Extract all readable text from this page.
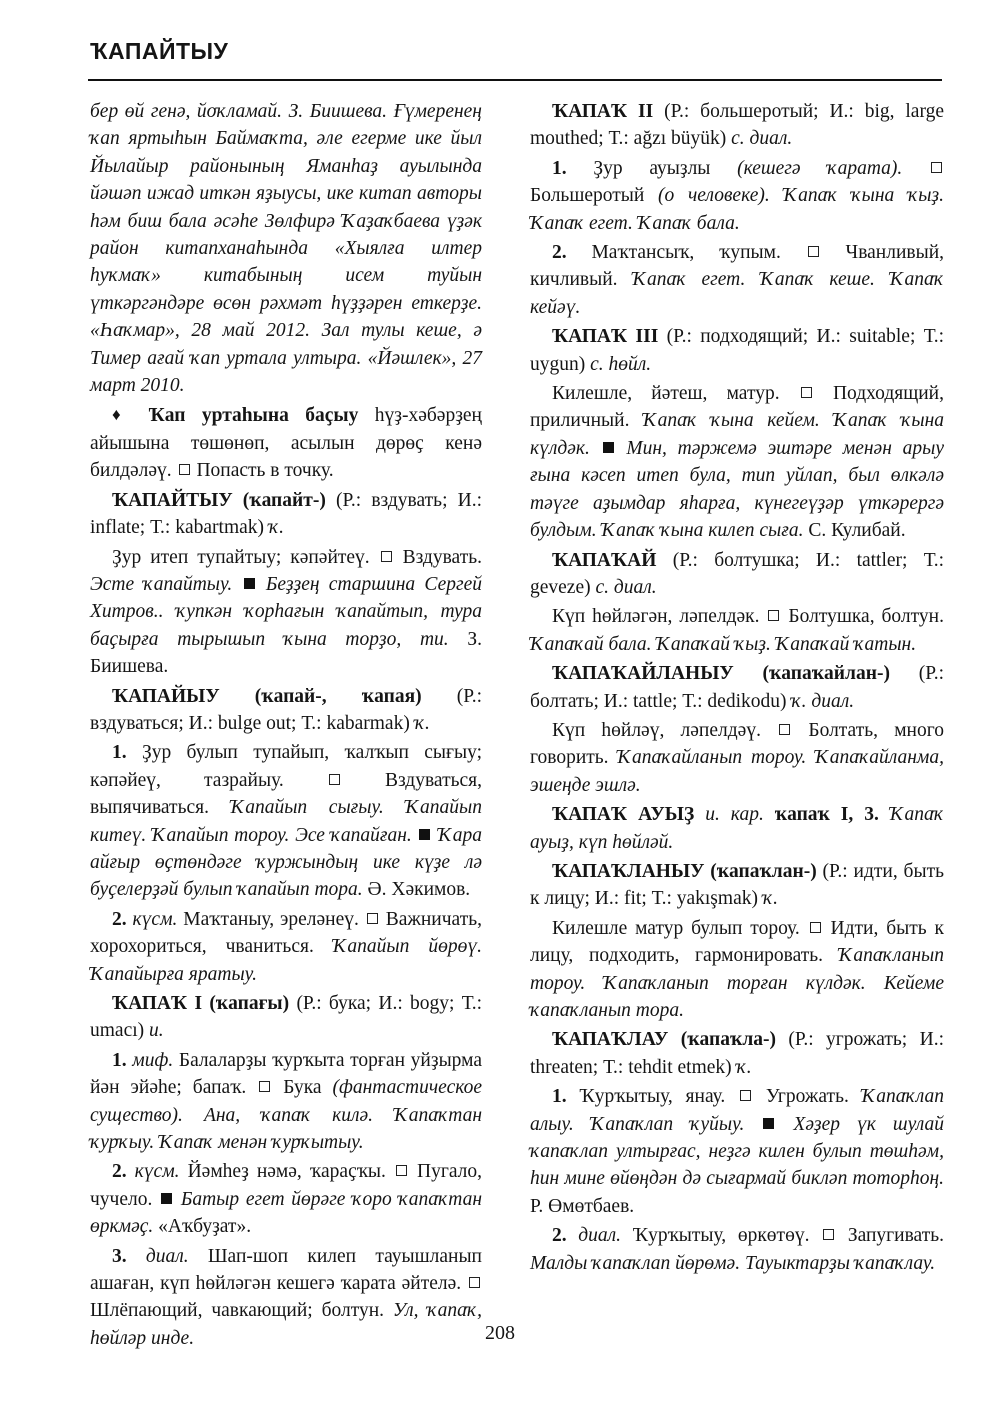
ҠАПАЙТЫУ

бер өй генә, йоҡламай. З. Биишева. Ғүмеренең ҡап яртыһын Баймаҡта, әле егерме ике йыл Йылайыр районының Яманһаҙ ауылында йәшәп ижад иткән яҙыусы, ике китап авторы һәм биш бала әсәһе Зөлфирә Ҡаҙаҡбаева үҙәк район китапханаһында «Хыялға илтер һуҡмаҡ» китабының исем туйын үткәргәндәре өсөн рәхмәт һүҙҙәрен еткерҙе. «Һаҡмар», 28 май 2012. Зал тулы кеше, ә Тимер ағай ҡап уртала ултыра. «Йәшлек», 27 март 2010.

♦ Ҡап уртаһына баҫыу һүҙ-хәбәрҙең айышына төшөнөп, асылын дөрөҫ кенә билдәләү.  Попасть в точку.

ҠАПАЙТЫУ (ҡапайт-) (Р.: вздувать; И.: inflate; Т.: kabartmak) ҡ.

Ҙур итеп тупайтыу; кәпәйтеү.  Вздувать. Эсте ҡапайтыу.  Беҙҙең старшина Сергей Хитров.. ҡупкән ҡорһағын ҡапайтып, тура баҫырға тырышып ҡына торҙо, ти. З. Биишева.

ҠАПАЙЫУ (ҡапай-, ҡапая) (Р.: вздуваться; И.: bulge out; Т.: kabarmak) ҡ.

1. Ҙур булып тупайып, ҡалҡып сығыу; кәпәйеү, тазрайыу.	Вздуваться, выпячиваться. Ҡапайып сығыу. Ҡапайып китеү. Ҡапайып тороу. Эсе ҡапайған.  Ҡара айғыр өҫтөндәге ҡуржындың ике күҙе лә буҫелерҙәй булып ҡапайып тора. Ә. Хәкимов.

2. күсм. Маҡтаныу, эреләнеү.  Важничать, хорохориться, чваниться. Ҡапайып йөрөү. Ҡапайырға яратыу.

ҠАПАҠ I (ҡапағы) (Р.: бука; И.: bogy; Т.: umacı) и.

1. миф. Балаларҙы ҡурҡыта торған уйҙырма йән эйәһе; бапаҡ.  Бука (фантастическое существо). Ана, ҡапаҡ килә. Ҡапаҡтан ҡурҡыу. Ҡапаҡ менән ҡурҡытыу.

2. күсм. Йәмһеҙ нәмә, ҡараҫҡы.  Пугало, чучело.  Батыр егет йөрәге ҡоро ҡапаҡтан өркмәҫ. «Аҡбуҙат».

3. диал. Шап-шоп килеп тауышланып ашаған, күп һөйләгән кешегә ҡарата әйтелә.  Шлёпающий, чавкающий; болтун. Ул, ҡапаҡ, һөйләр инде.

ҠАПАҠ II (Р.: большеротый; И.: big, large mouthed; Т.: ağzı büyük) с. диал.

1. Ҙур ауыҙлы (кешегә ҡарата).  Большеротый (о человеке). Ҡапаҡ ҡына ҡыҙ. Ҡапаҡ егет. Ҡапаҡ бала.

2. Маҡтансыҡ, ҡупым.  Чванливый, кичливый. Ҡапаҡ егет. Ҡапаҡ кеше. Ҡапаҡ кейәү.

ҠАПАҠ III (Р.: подходящий; И.: suitable; Т.: uygun) с. һөйл.

Килешле, йәтеш, матур.  Подходящий, приличный. Ҡапаҡ ҡына кейем. Ҡапаҡ ҡына күлдәк.  Мин, тәржемә эштәре менән арыу ғына кәсеп итеп була, тип уйлап, был өлкәлә тәүге аҙымдар яһарға, күнегеүҙәр үткәрергә булдым. Ҡапаҡ ҡына килеп сыға. С. Кулибай.

ҠАПАҠАЙ (Р.: болтушка; И.: tattler; Т.: geveze) с. диал.

Күп һөйләгән, ләпелдәк.  Болтушка, болтун. Ҡапаҡай бала. Ҡапаҡай ҡыҙ. Ҡапаҡай ҡатын.

ҠАПАҠАЙЛАНЫУ (ҡапаҡайлан-) (Р.: болтать; И.: tattle; Т.: dedikodu) ҡ. диал.

Күп һөйләү, ләпелдәү.  Болтать, много говорить. Ҡапаҡайланып тороу. Ҡапаҡайланма, эшеңде эшлә.

ҠАПАҠ АУЫҘ и. кар. ҡапаҡ I, 3. Ҡапаҡ ауыҙ, күп һөйләй.

ҠАПАҠЛАНЫУ (ҡапаҡлан-) (Р.: идти, быть к лицу; И.: fit; Т.: yakışmak) ҡ.

Килешле матур булып тороу.  Идти, быть к лицу, подходить, гармонировать. Ҡапаҡланып тороу. Ҡапаҡланып торған күлдәк. Кейеме ҡапаҡланып тора.

ҠАПАҠЛАУ (ҡапаҡла-) (Р.: угрожать; И.: threaten; Т.: tehdit etmek) ҡ.

1. Ҡурҡытыу, янау.  Угрожать. Ҡапаҡлап алыу. Ҡапаҡлап ҡуйыу.  Хәҙер үк шулай ҡапаҡлап ултырғас, неҙгә килен булып төшһәм, һин мине өйөңдән дә сығармай бикләп тоторһоң. Р. Өмөтбаев.

2. диал. Ҡурҡытыу, өркөтөү.  Запугивать. Малды ҡапаҡлап йөрөмә. Тауыктарҙы ҡапаҡлау.

208
